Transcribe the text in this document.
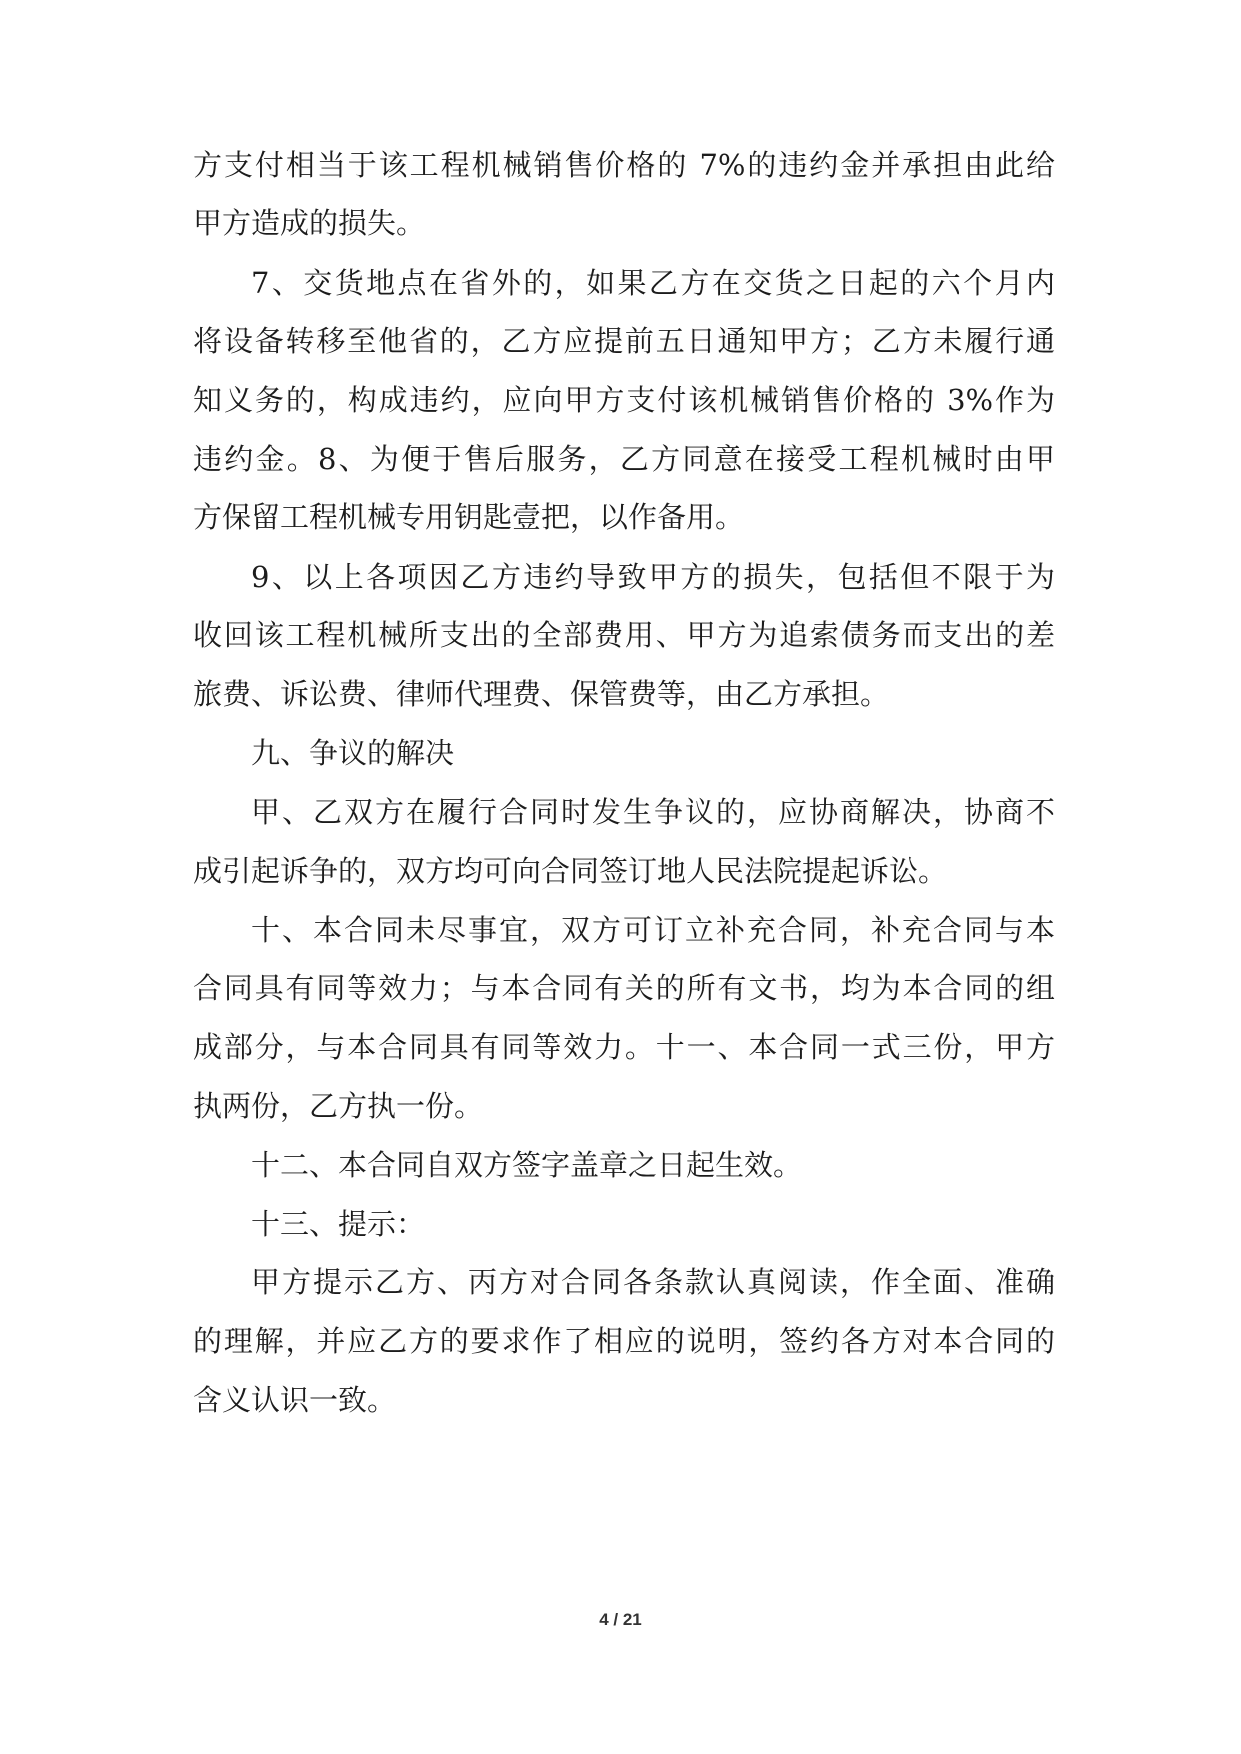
方支付相当于该工程机械销售价格的 7%的违约金并承担由此给

甲方造成的损失。

7、交货地点在省外的，如果乙方在交货之日起的六个月内

将设备转移至他省的，乙方应提前五日通知甲方；乙方未履行通

知义务的，构成违约，应向甲方支付该机械销售价格的 3%作为

违约金。8、为便于售后服务，乙方同意在接受工程机械时由甲

方保留工程机械专用钥匙壹把，以作备用。

9、以上各项因乙方违约导致甲方的损失，包括但不限于为

收回该工程机械所支出的全部费用、甲方为追索债务而支出的差

旅费、诉讼费、律师代理费、保管费等，由乙方承担。

九、争议的解决

甲、乙双方在履行合同时发生争议的，应协商解决，协商不

成引起诉争的，双方均可向合同签订地人民法院提起诉讼。

十、本合同未尽事宜，双方可订立补充合同，补充合同与本

合同具有同等效力；与本合同有关的所有文书，均为本合同的组

成部分，与本合同具有同等效力。十一、本合同一式三份，甲方

执两份，乙方执一份。

十二、本合同自双方签字盖章之日起生效。

十三、提示：

甲方提示乙方、丙方对合同各条款认真阅读，作全面、准确

的理解，并应乙方的要求作了相应的说明，签约各方对本合同的

含义认识一致。

4 / 21
